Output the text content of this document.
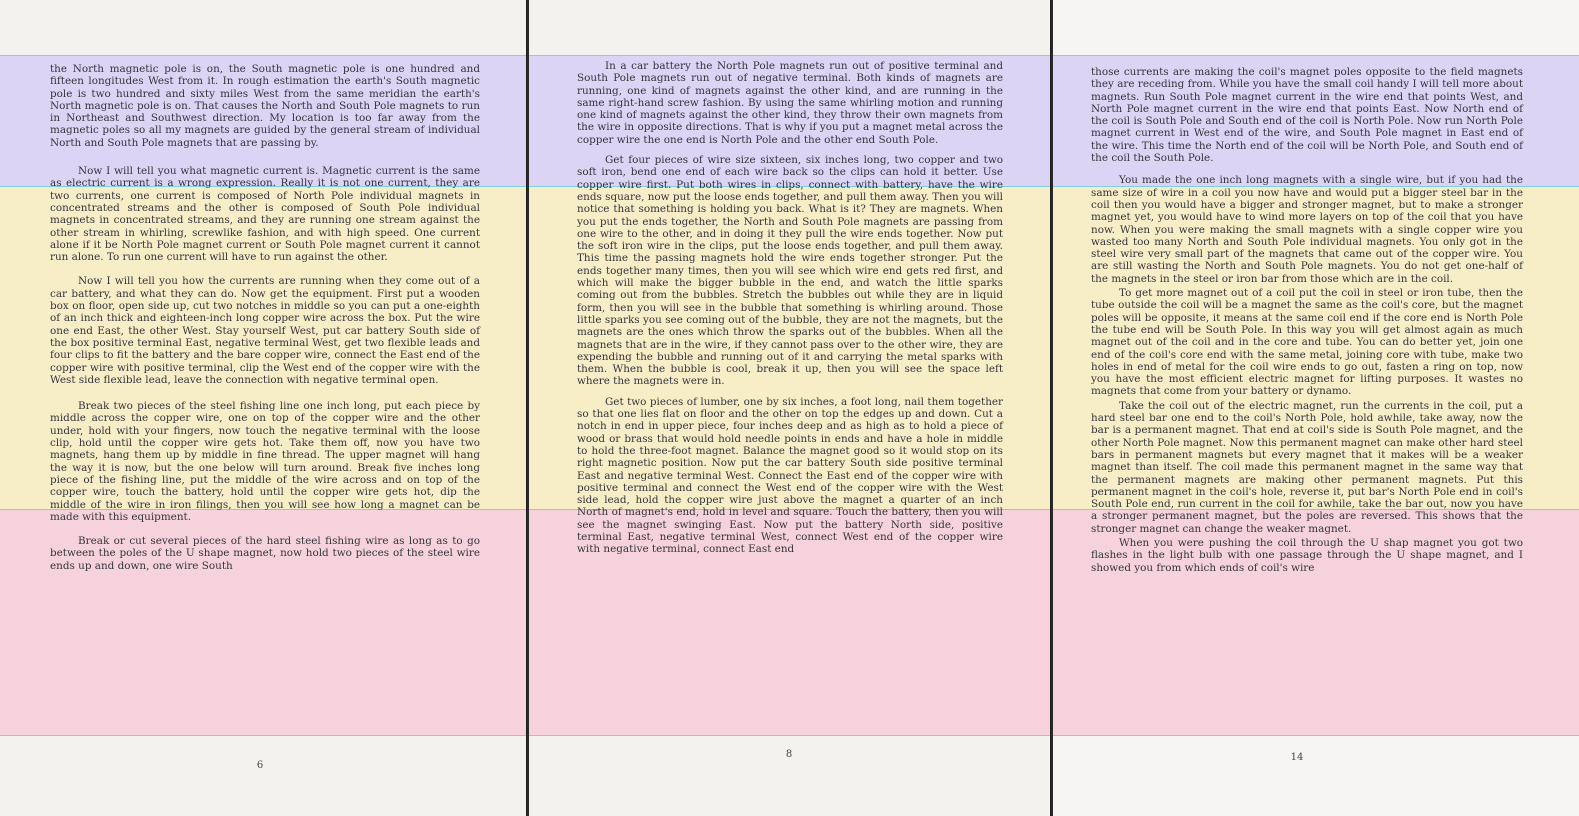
the North magnetic pole is on, the South magnetic pole is one hundred and fifteen longitudes West from it. In rough estimation the earth's South magnetic pole is two hundred and sixty miles West from the same meridian the earth's North magnetic pole is on. That causes the North and South Pole magnets to run in Northeast and Southwest direction. My location is too far away from the magnetic poles so all my magnets are guided by the general stream of individual North and South Pole magnets that are passing by.

Now I will tell you what magnetic current is. Magnetic current is the same as electric current is a wrong expression. Really it is not one current, they are two currents, one current is composed of North Pole individual magnets in concentrated streams and the other is composed of South Pole individual magnets in concentrated streams, and they are running one stream against the other stream in whirling, screwlike fashion, and with high speed. One current alone if it be North Pole magnet current or South Pole magnet current it cannot run alone. To run one current will have to run against the other.

Now I will tell you how the currents are running when they come out of a car battery, and what they can do. Now get the equipment. First put a wooden box on floor, open side up, cut two notches in middle so you can put a one-eighth of an inch thick and eighteen-inch long copper wire across the box. Put the wire one end East, the other West. Stay yourself West, put car battery South side of the box positive terminal East, negative terminal West, get two flexible leads and four clips to fit the battery and the bare copper wire, connect the East end of the copper wire with positive terminal, clip the West end of the copper wire with the West side flexible lead, leave the connection with negative terminal open.

Break two pieces of the steel fishing line one inch long, put each piece by middle across the copper wire, one on top of the copper wire and the other under, hold with your fingers, now touch the negative terminal with the loose clip, hold until the copper wire gets hot. Take them off, now you have two magnets, hang them up by middle in fine thread. The upper magnet will hang the way it is now, but the one below will turn around. Break five inches long piece of the fishing line, put the middle of the wire across and on top of the copper wire, touch the battery, hold until the copper wire gets hot, dip the middle of the wire in iron filings, then you will see how long a magnet can be made with this equipment.

Break or cut several pieces of the hard steel fishing wire as long as to go between the poles of the U shape magnet, now hold two pieces of the steel wire ends up and down, one wire South

6

In a car battery the North Pole magnets run out of positive terminal and South Pole magnets run out of negative terminal. Both kinds of magnets are running, one kind of magnets against the other kind, and are running in the same right-hand screw fashion. By using the same whirling motion and running one kind of magnets against the other kind, they throw their own magnets from the wire in opposite directions. That is why if you put a magnet metal across the copper wire the one end is North Pole and the other end South Pole.

Get four pieces of wire size sixteen, six inches long, two copper and two soft iron, bend one end of each wire back so the clips can hold it better. Use copper wire first. Put both wires in clips, connect with battery, have the wire ends square, now put the loose ends together, and pull them away. Then you will notice that something is holding you back. What is it? They are magnets. When you put the ends together, the North and South Pole magnets are passing from one wire to the other, and in doing it they pull the wire ends together. Now put the soft iron wire in the clips, put the loose ends together, and pull them away. This time the passing magnets hold the wire ends together stronger. Put the ends together many times, then you will see which wire end gets red first, and which will make the bigger bubble in the end, and watch the little sparks coming out from the bubbles. Stretch the bubbles out while they are in liquid form, then you will see in the bubble that something is whirling around. Those little sparks you see coming out of the bubble, they are not the magnets, but the magnets are the ones which throw the sparks out of the bubbles. When all the magnets that are in the wire, if they cannot pass over to the other wire, they are expending the bubble and running out of it and carrying the metal sparks with them. When the bubble is cool, break it up, then you will see the space left where the magnets were in.

Get two pieces of lumber, one by six inches, a foot long, nail them together so that one lies flat on floor and the other on top the edges up and down. Cut a notch in end in upper piece, four inches deep and as high as to hold a piece of wood or brass that would hold needle points in ends and have a hole in middle to hold the three-foot magnet. Balance the magnet good so it would stop on its right magnetic position. Now put the car battery South side positive terminal East and negative terminal West. Connect the East end of the copper wire with positive terminal and connect the West end of the copper wire with the West side lead, hold the copper wire just above the magnet a quarter of an inch North of magnet's end, hold in level and square. Touch the battery, then you will see the magnet swinging East. Now put the battery North side, positive terminal East, negative terminal West, connect West end of the copper wire with negative terminal, connect East end

8

those currents are making the coil's magnet poles opposite to the field magnets they are receding from. While you have the small coil handy I will tell more about magnets. Run South Pole magnet current in the wire end that points West, and North Pole magnet current in the wire end that points East. Now North end of the coil is South Pole and South end of the coil is North Pole. Now run North Pole magnet current in West end of the wire, and South Pole magnet in East end of the wire. This time the North end of the coil will be North Pole, and South end of the coil the South Pole.

You made the one inch long magnets with a single wire, but if you had the same size of wire in a coil you now have and would put a bigger steel bar in the coil then you would have a bigger and stronger magnet, but to make a stronger magnet yet, you would have to wind more layers on top of the coil that you have now. When you were making the small magnets with a single copper wire you wasted too many North and South Pole individual magnets. You only got in the steel wire very small part of the magnets that came out of the copper wire. You are still wasting the North and South Pole magnets. You do not get one-half of the magnets in the steel or iron bar from those which are in the coil.

To get more magnet out of a coil put the coil in steel or iron tube, then the tube outside the coil will be a magnet the same as the coil's core, but the magnet poles will be opposite, it means at the same coil end if the core end is North Pole the tube end will be South Pole. In this way you will get almost again as much magnet out of the coil and in the core and tube. You can do better yet, join one end of the coil's core end with the same metal, joining core with tube, make two holes in end of metal for the coil wire ends to go out, fasten a ring on top, now you have the most efficient electric magnet for lifting purposes. It wastes no magnets that come from your battery or dynamo.

Take the coil out of the electric magnet, run the currents in the coil, put a hard steel bar one end to the coil's North Pole, hold awhile, take away, now the bar is a permanent magnet. That end at coil's side is South Pole magnet, and the other North Pole magnet. Now this permanent magnet can make other hard steel bars in permanent magnets but every magnet that it makes will be a weaker magnet than itself. The coil made this permanent magnet in the same way that the permanent magnets are making other permanent magnets. Put this permanent magnet in the coil's hole, reverse it, put bar's North Pole end in coil's South Pole end, run current in the coil for awhile, take the bar out, now you have a stronger permanent magnet, but the poles are reversed. This shows that the stronger magnet can change the weaker magnet.

When you were pushing the coil through the U shap magnet you got two flashes in the light bulb with one passage through the U shape magnet, and I showed you from which ends of coil's wire

14
